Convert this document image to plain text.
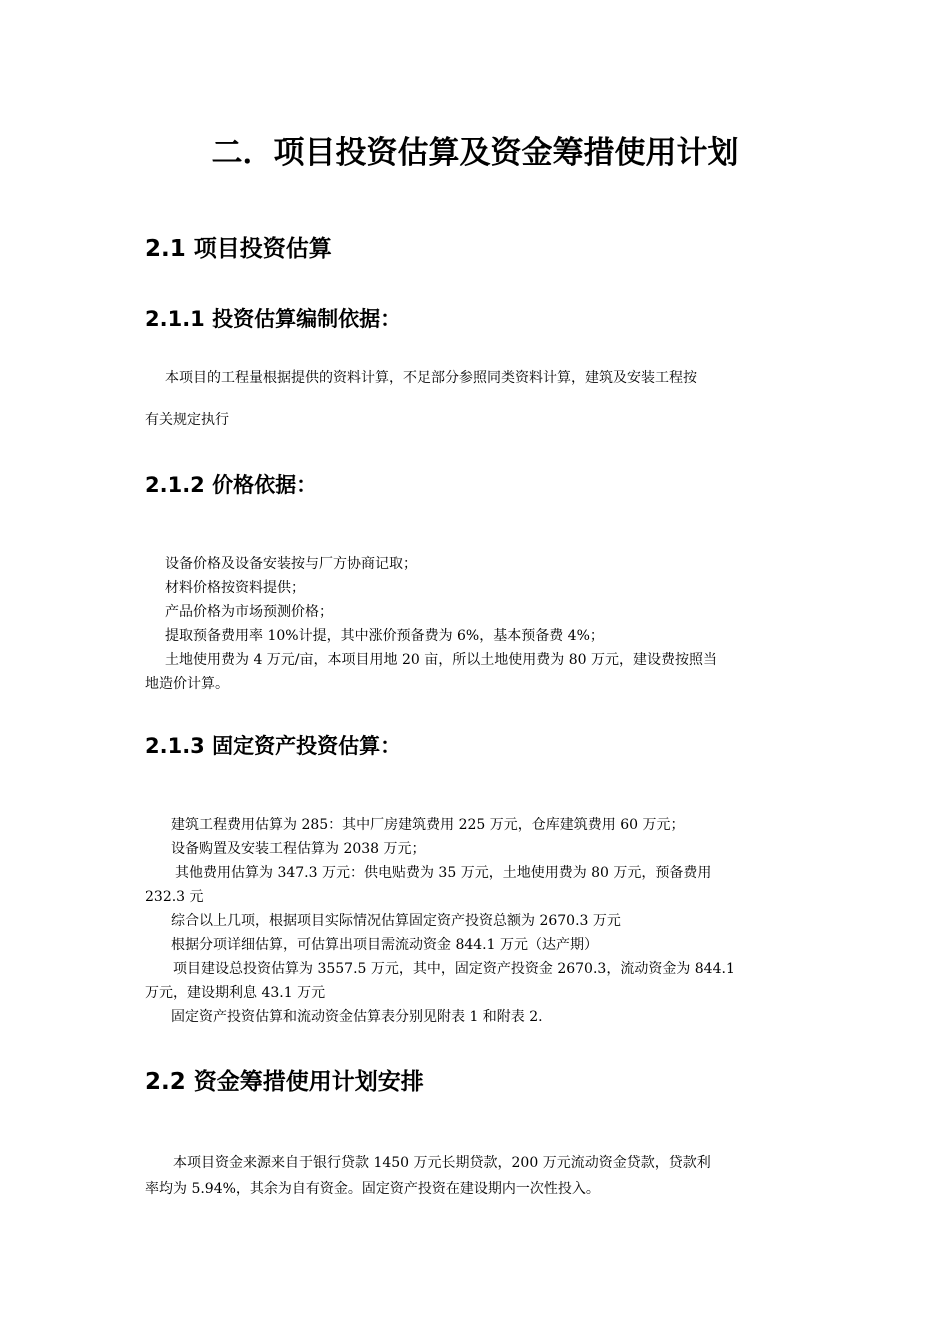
二．项目投资估算及资金筹措使用计划
2.1 项目投资估算
2.1.1 投资估算编制依据：
本项目的工程量根据提供的资料计算，不足部分参照同类资料计算，建筑及安装工程按
有关规定执行
2.1.2 价格依据：
设备价格及设备安装按与厂方协商记取；
材料价格按资料提供；
产品价格为市场预测价格；
提取预备费用率 10%计提，其中涨价预备费为 6%，基本预备费 4%；
土地使用费为 4 万元/亩，本项目用地 20 亩，所以土地使用费为 80 万元，建设费按照当
地造价计算。
2.1.3 固定资产投资估算：
建筑工程费用估算为 285：其中厂房建筑费用 225 万元，仓库建筑费用 60 万元；
设备购置及安装工程估算为 2038 万元；
其他费用估算为 347.3 万元：供电贴费为 35 万元，土地使用费为 80 万元，预备费用
232.3 元
综合以上几项，根据项目实际情况估算固定资产投资总额为 2670.3 万元
根据分项详细估算，可估算出项目需流动资金 844.1 万元（达产期）
项目建设总投资估算为 3557.5 万元，其中，固定资产投资金 2670.3，流动资金为 844.1
万元，建设期利息 43.1 万元
固定资产投资估算和流动资金估算表分别见附表 1 和附表 2.
2.2 资金筹措使用计划安排
本项目资金来源来自于银行贷款 1450 万元长期贷款，200 万元流动资金贷款，贷款利
率均为 5.94%，其余为自有资金。固定资产投资在建设期内一次性投入。
